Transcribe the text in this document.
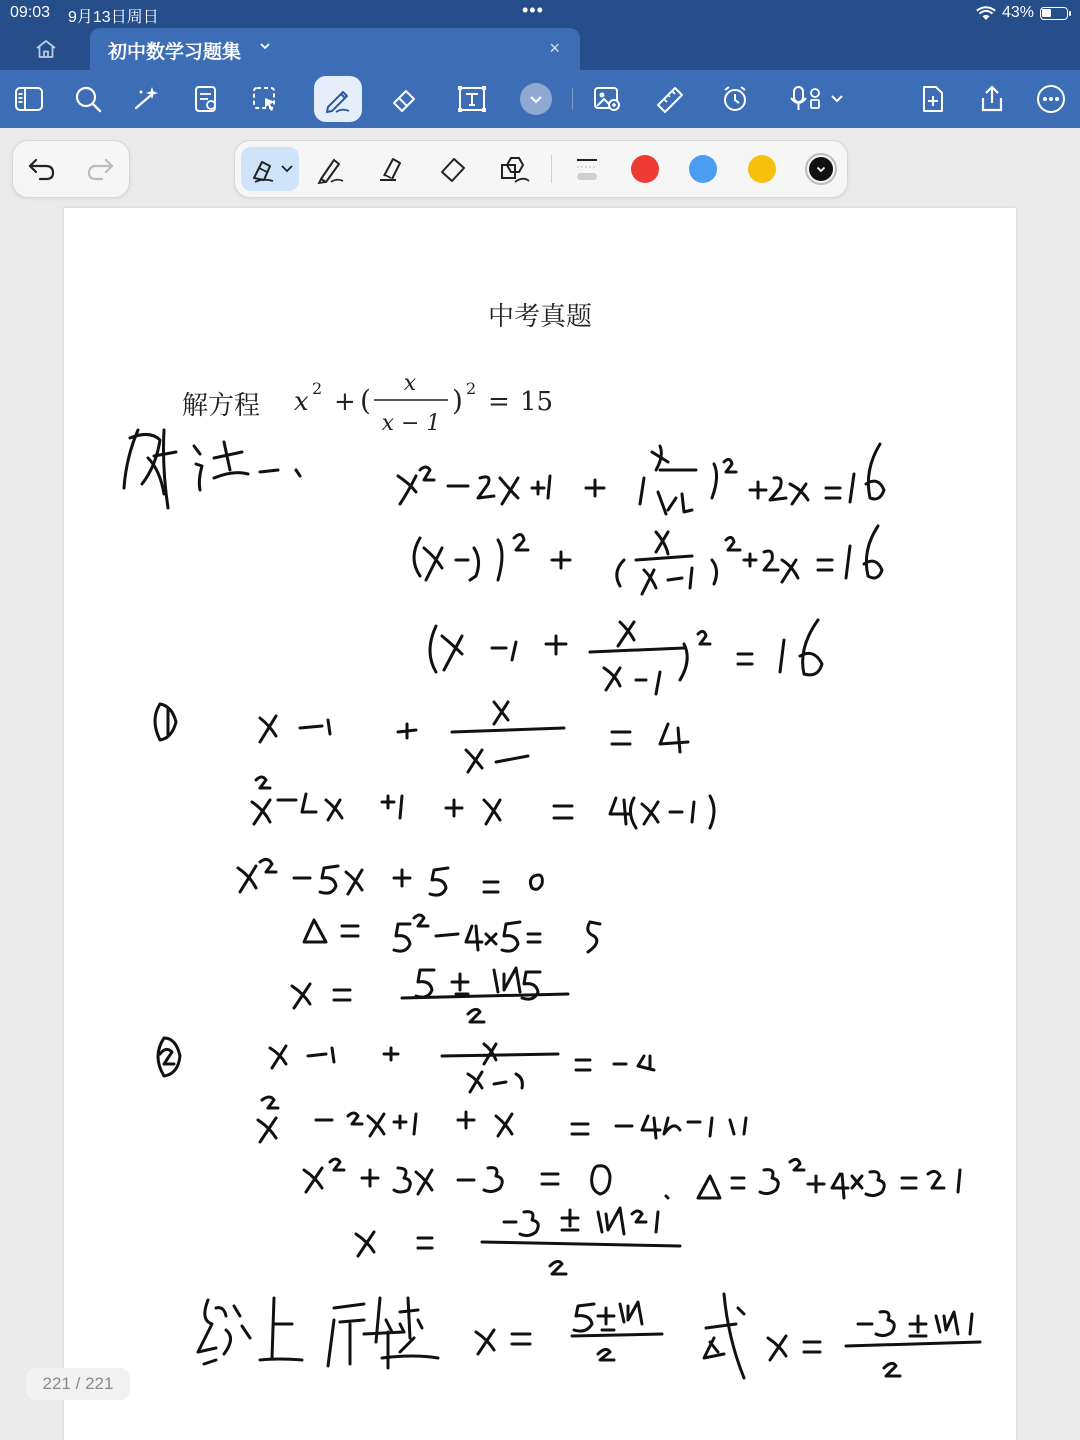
09:03 9月13日周日	•••	43%
初中数学习题集	×
中考真题
解方程 x 2 + (
x
x − 1
) 2 = 15
221 / 221
